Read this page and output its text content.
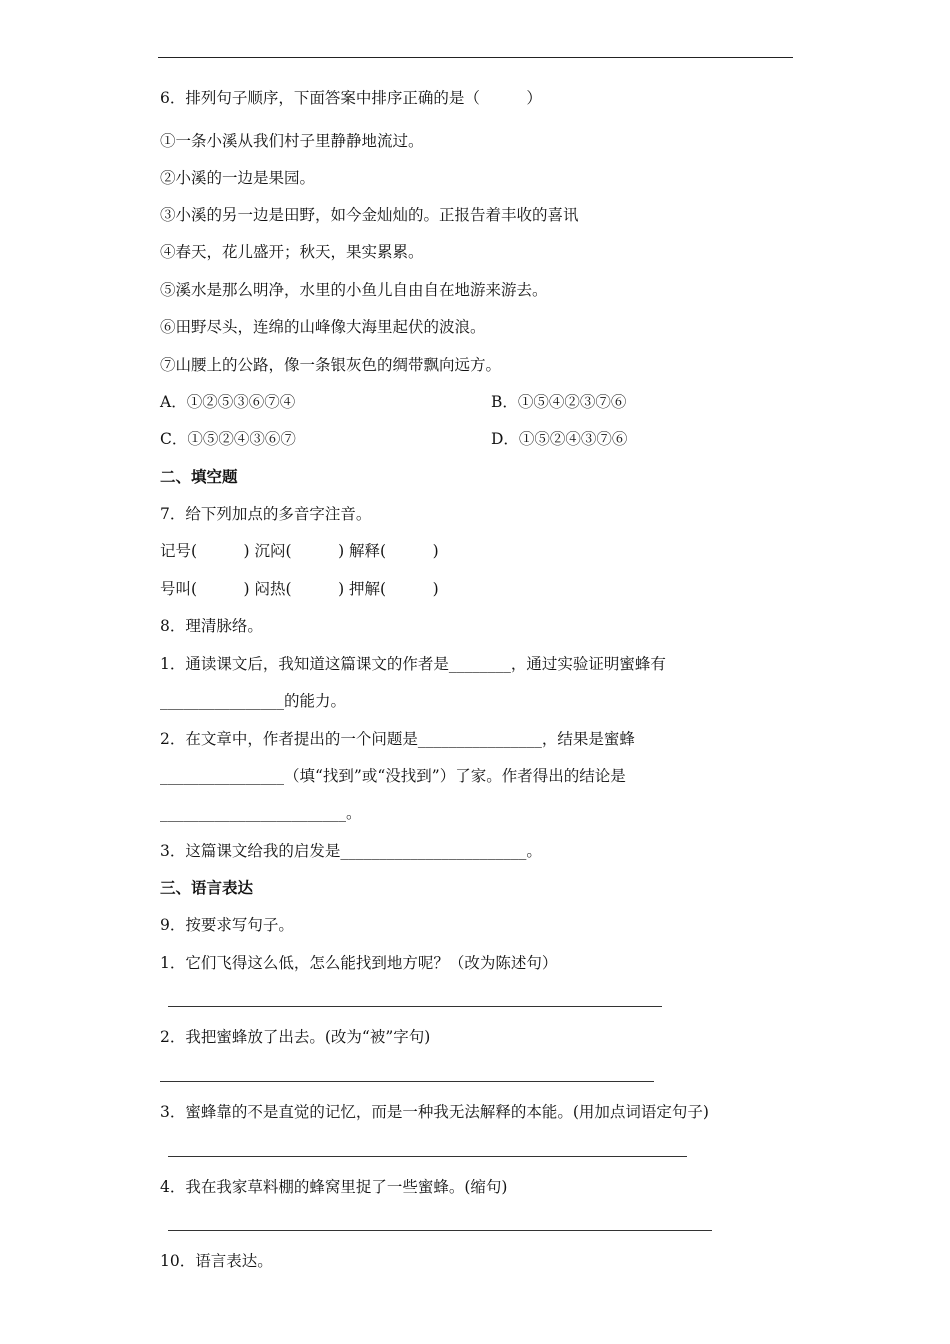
6．排列句子顺序，下面答案中排序正确的是（　　　）
①一条小溪从我们村子里静静地流过。
②小溪的一边是果园。
③小溪的另一边是田野，如今金灿灿的。正报告着丰收的喜讯
④春天，花儿盛开；秋天，果实累累。
⑤溪水是那么明净，水里的小鱼儿自由自在地游来游去。
⑥田野尽头，连绵的山峰像大海里起伏的波浪。
⑦山腰上的公路，像一条银灰色的绸带飘向远方。
A．①②⑤③⑥⑦④	B．①⑤④②③⑦⑥
C．①⑤②④③⑥⑦	D．①⑤②④③⑦⑥
二、填空题
7．给下列加点的多音字注音。
记号(　　　) 沉闷(　　　) 解释(　　　)
号叫(　　　) 闷热(　　　) 押解(　　　)
8．理清脉络。
1．通读课文后，我知道这篇课文的作者是________，通过实验证明蜜蜂有
________________的能力。
2．在文章中，作者提出的一个问题是________________，结果是蜜蜂
________________（填“找到”或“没找到”）了家。作者得出的结论是
________________________。
3．这篇课文给我的启发是________________________。
三、语言表达
9．按要求写句子。
1．它们飞得这么低，怎么能找到地方呢？（改为陈述句）
2．我把蜜蜂放了出去。(改为“被”字句)
3．蜜蜂靠的不是直觉的记忆，而是一种我无法解释的本能。(用加点词语定句子)
4．我在我家草料棚的蜂窝里捉了一些蜜蜂。(缩句)
10．语言表达。
